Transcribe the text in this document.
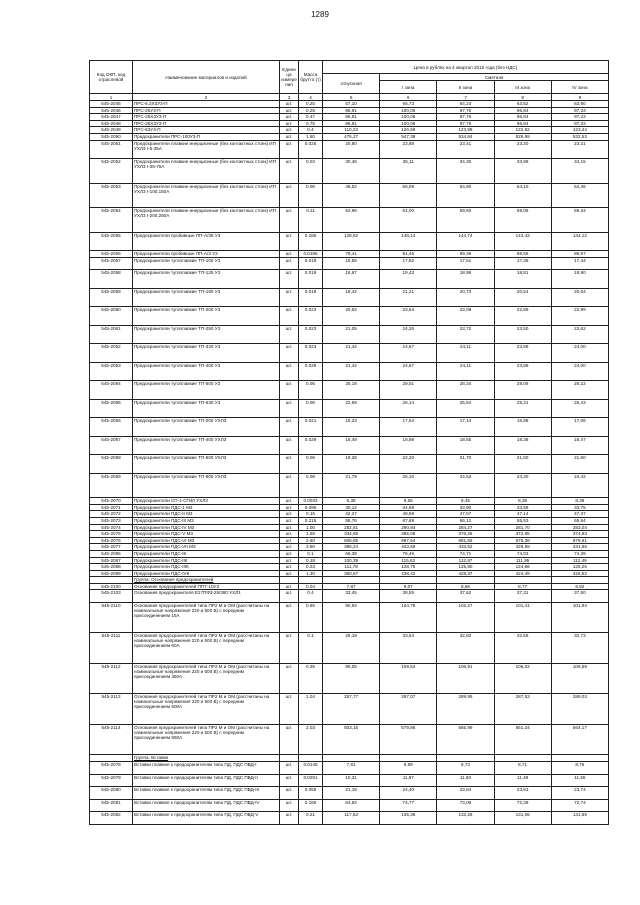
1289
Код ОКП, код отраслевой	Наименование материалов и изделий	Едини ца измере ния	Масса брутто (т)	Цена в рублях на 4 квартал 2015 года (без НДС)				
				отпускная	Сметная			
					I зона	II зона	III зона	IV зона
1	2	3	4	5	6	7	8	9
545-2045	ПРС-6,3ХЗУ3-П	шт.	0.25	57,10	66,73	64,23	63,52	63,90
545-2046	ПРС-25У3-П	шт.	0.25	86,91	100,06	97,76	96,84	97,33
545-2047	ПРС-25ХЗУ3-П	шт.	0.47	86,91	100,06	97,76	96,84	97,33
545-2048	ПРС-25ХЗУ3-П	шт.	0.75	86,91	100,06	97,76	96,84	97,33
545-2049	ПРС-63У3-П	шт.	0.4	110,23	126,69	123,98	122,82	123,44
545-2050	Предохранители ПРС-100У3-П	шт.	1.60	475,27	547,38	534,84	529,99	532,53
545-2051	Предохранители плавкие инерционные (без контактных стоек) ИП УХЛ3 I-5-35А	шт.	0.025	20,80	23,88	23,41	23,20	23,31
545-2052	Предохранители плавкие инерционные (без контактных стоек) ИП УХЛ3 I-35-75А	шт.	0.03	30,48	35,11	34,30	33,99	34,15
545-2053	Предохранители плавкие инерционные (без контактных стоек) ИП УХЛ3 I-100,150А	шт.	0.06	46,52	56,08	54,60	54,10	54,36
545-2054	Предохранители плавкие инерционные (без контактных стоек) ИП УХЛ3 I-200,250А	шт.	0.11	52,96	61,00	59,60	59,06	59,34
545-2055	Предохранители пробивные ПП-А/3К У3	шт.	0.185	128,62	148,14	144,74	143,43	144,12
545-2056	Предохранители пробивные ПП-А/3 У3	шт.	0.0185	79,41	91,45	89,36	88,55	88,97
545-2057	Предохранители тугоплавкие ТП-100 У3	шт.	0.019	15,56	17,92	17,51	17,35	17,44
545-2058	Предохранители тугоплавкие ТП-125 У3	шт.	0.019	16,87	19,43	18,98	18,81	18,90
545-2059	Предохранители тугоплавкие ТП-160 У3	шт.	0.019	18,42	21,21	20,73	20,54	20,64
545-2060	Предохранители тугоплавкие ТП-200 У3	шт.	0.023	20,52	23,64	23,09	22,89	22,99
545-2061	Предохранители тугоплавкие ТП-250 У3	шт.	0.023	21,05	24,26	23,72	23,50	23,62
545-2062	Предохранители тугоплавкие ТП-320 У3	шт.	0.023	21,42	24,67	24,11	23,89	24,00
545-2063	Предохранители тугоплавкие ТП-400 У3	шт.	0.029	21,42	24,67	24,11	23,89	24,00
545-2064	Предохранители тугоплавкие ТП-500 У3	шт.	0.05	25,18	29,01	28,34	28,08	28,22
545-2065	Предохранители тугоплавкие ТП-630 У3	шт.	0.06	22,69	26,14	25,54	25,31	25,43
545-2066	Предохранители тугоплавкие ТП-200 УХЛ3	шт.	0.021	15,23	17,54	17,14	16,98	17,06
545-2067	Предохранители тугоплавкие ТП-400 УХЛ3	шт.	0.029	16,49	18,99	18,55	18,38	18,47
545-2068	Предохранители тугоплавкие ТП-600 УХЛ3	шт.	0.06	19,28	22,20	21,70	21,50	21,60
545-2069	Предохранители тугоплавкие ТП-900 УХЛ3	шт.	0.08	21,79	25,10	24,53	24,30	24,42
545-2070	Предохранители СП-1-СП40 УХЛ3	шт.	0.0033	6,38	8,65	8,45	8,35	8,39
545-2071	Предохранители ПДС-1 М3	шт.	0.096	30,12	34,69	33,90	33,59	33,75
545-2072	Предохранители ПДС-II М3	шт.	0.16	42,27	48,68	47,57	47,14	47,37
545-2073	Предохранители ПДС-III М3	шт.	0.215	58,76	67,68	66,12	65,53	65,84
545-2074	Предохранители ПДС-IV М3	шт.	1.00	252,61	290,94	284,27	281,70	283,04
545-2075	Предохранители ПДС-V М3	шт.	1.55	334,55	385,06	376,26	372,85	374,63
545-2076	Предохранители ПДС-VI М3	шт.	2.60	605,65	697,54	681,56	675,38	678,61
545-2077	Предохранители ПДС-VII М3	шт.	3.80	385,24	443,69	433,52	429,59	431,65
545-2086	Предохранители ПДС-IК	шт.	0.1	66,39	76,46	74,71	74,03	74,39
545-2087	Предохранители ПДС-IIК	шт.	0.18	100,39	115,62	112,97	111,95	112,49
545-2088	Предохранители ПДС-IIIК	шт.	0.23	111,78	128,75	125,80	124,66	125,26
545-2089	Предохранители ПДС-IVК	шт.	1.30	380,67	438,42	428,37	424,49	426,52
	Группа: Основания предохранителей							
545-2100	Основания предохранителей ППТ-10У3	шт.	0.04	7,87	9,07	8,86	8,77	8,82
545-2103	Основания предохранителя Е27ПФ3-25/380 УХЛ1	шт.	0.4	33,45	38,55	37,62	37,31	37,50
545-2110	Основания предохранителей типа ПР2 М и ОМ (рассчитаны на номинальные напряжения 220 и 500 В) с передним присоединением 15А	шт.	0.65	90,92	104,78	102,27	101,41	101,94
545-2111	Основания предохранителей типа ПР2 М и ОМ (рассчитаны на номинальные напряжения 220 и 500 В) с передним присоединением 60А	шт.	0.1	29,19	33,64	32,83	32,56	32,73
545-2112	Основания предохранителей типа ПР2 М и ОМ (рассчитаны на номинальные напряжения 220 и 500 В) с передним присоединением 350А	шт.	0.35	95,05	109,54	106,91	106,02	106,58
545-2113	Основания предохранителей типа ПР2 М и ОМ (рассчитаны на номинальные напряжения 220 и 500 В) с передним присоединением 600А	шт.	1.04	257,77	297,07	289,95	287,53	289,03
545-2114	Основания предохранителей типа ПР2 М и ОМ (рассчитаны на номинальные напряжения 220 и 500 В) с передним присоединением 850А	шт.	2.03	503,15	579,86	565,99	561,24	564,17
	Группа: Вставки							
545-2078	Вставки плавкие к предохранителям типа ПД, ПДС ПВД-I	шт.	0.0145	7,61	8,99	8,73	8,71	8,75
545-2079	Вставки плавкие к предохранителям типа ПД, ПДС ПВД-II	шт.	0.0291	10,31	11,87	11,60	11,49	11,55
545-2080	Вставки плавкие к предохранителям типа ПД, ПДС ПВД-III	шт.	0.055	21,19	24,40	23,84	23,63	23,74
545-2081	Вставки плавкие к предохранителям типа ПД, ПДС ПВД-IV	шт.	0.185	64,92	74,77	73,06	72,39	72,74
545-2082	Вставки плавкие к предохранителям типа ПД, ПДС ПВД-V	шт.	0.21	117,53	135,36	132,26	131,06	131,69
